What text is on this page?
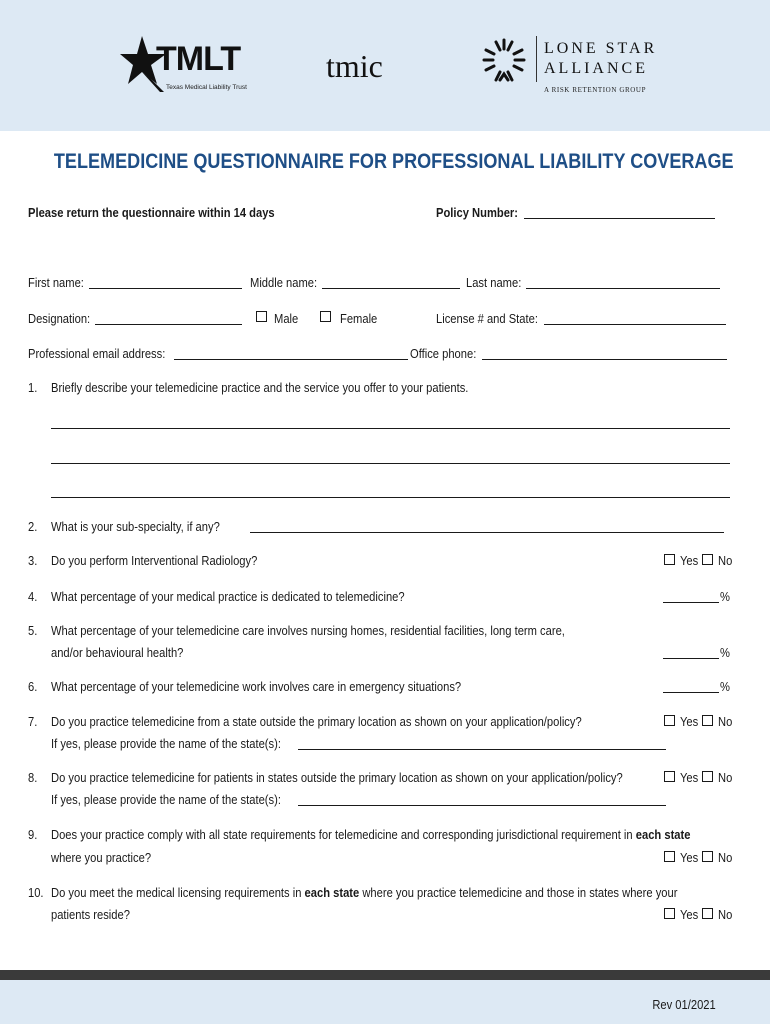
TMLT
Texas Medical Liability Trust
tmic	LONE STAR
ALLIANCE
A RISK RETENTION GROUP
TELEMEDICINE QUESTIONNAIRE FOR PROFESSIONAL LIABILITY COVERAGE
Please return the questionnaire within 14 days	Policy Number:
First name:	Middle name:	Last name:
Designation:	Male	Female	License # and State:
Professional email address:	Office phone:
1. Briefly describe your telemedicine practice and the service you offer to your patients.
2. What is your sub-specialty, if any?
3. Do you perform Interventional Radiology?	Yes No
4. What percentage of your medical practice is dedicated to telemedicine?	%
5. What percentage of your telemedicine care involves nursing homes, residential facilities, long term care,
and/or behavioural health?	%
6. What percentage of your telemedicine work involves care in emergency situations?	%
7. Do you practice telemedicine from a state outside the primary location as shown on your application/policy?	Yes No
If yes, please provide the name of the state(s):
8. Do you practice telemedicine for patients in states outside the primary location as shown on your application/policy?	Yes No
If yes, please provide the name of the state(s):
9. Does your practice comply with all state requirements for telemedicine and corresponding jurisdictional requirement in each state
where you practice?	Yes No
10. Do you meet the medical licensing requirements in each state where you practice telemedicine and those in states where your
patients reside?	Yes No
Rev 01/2021
